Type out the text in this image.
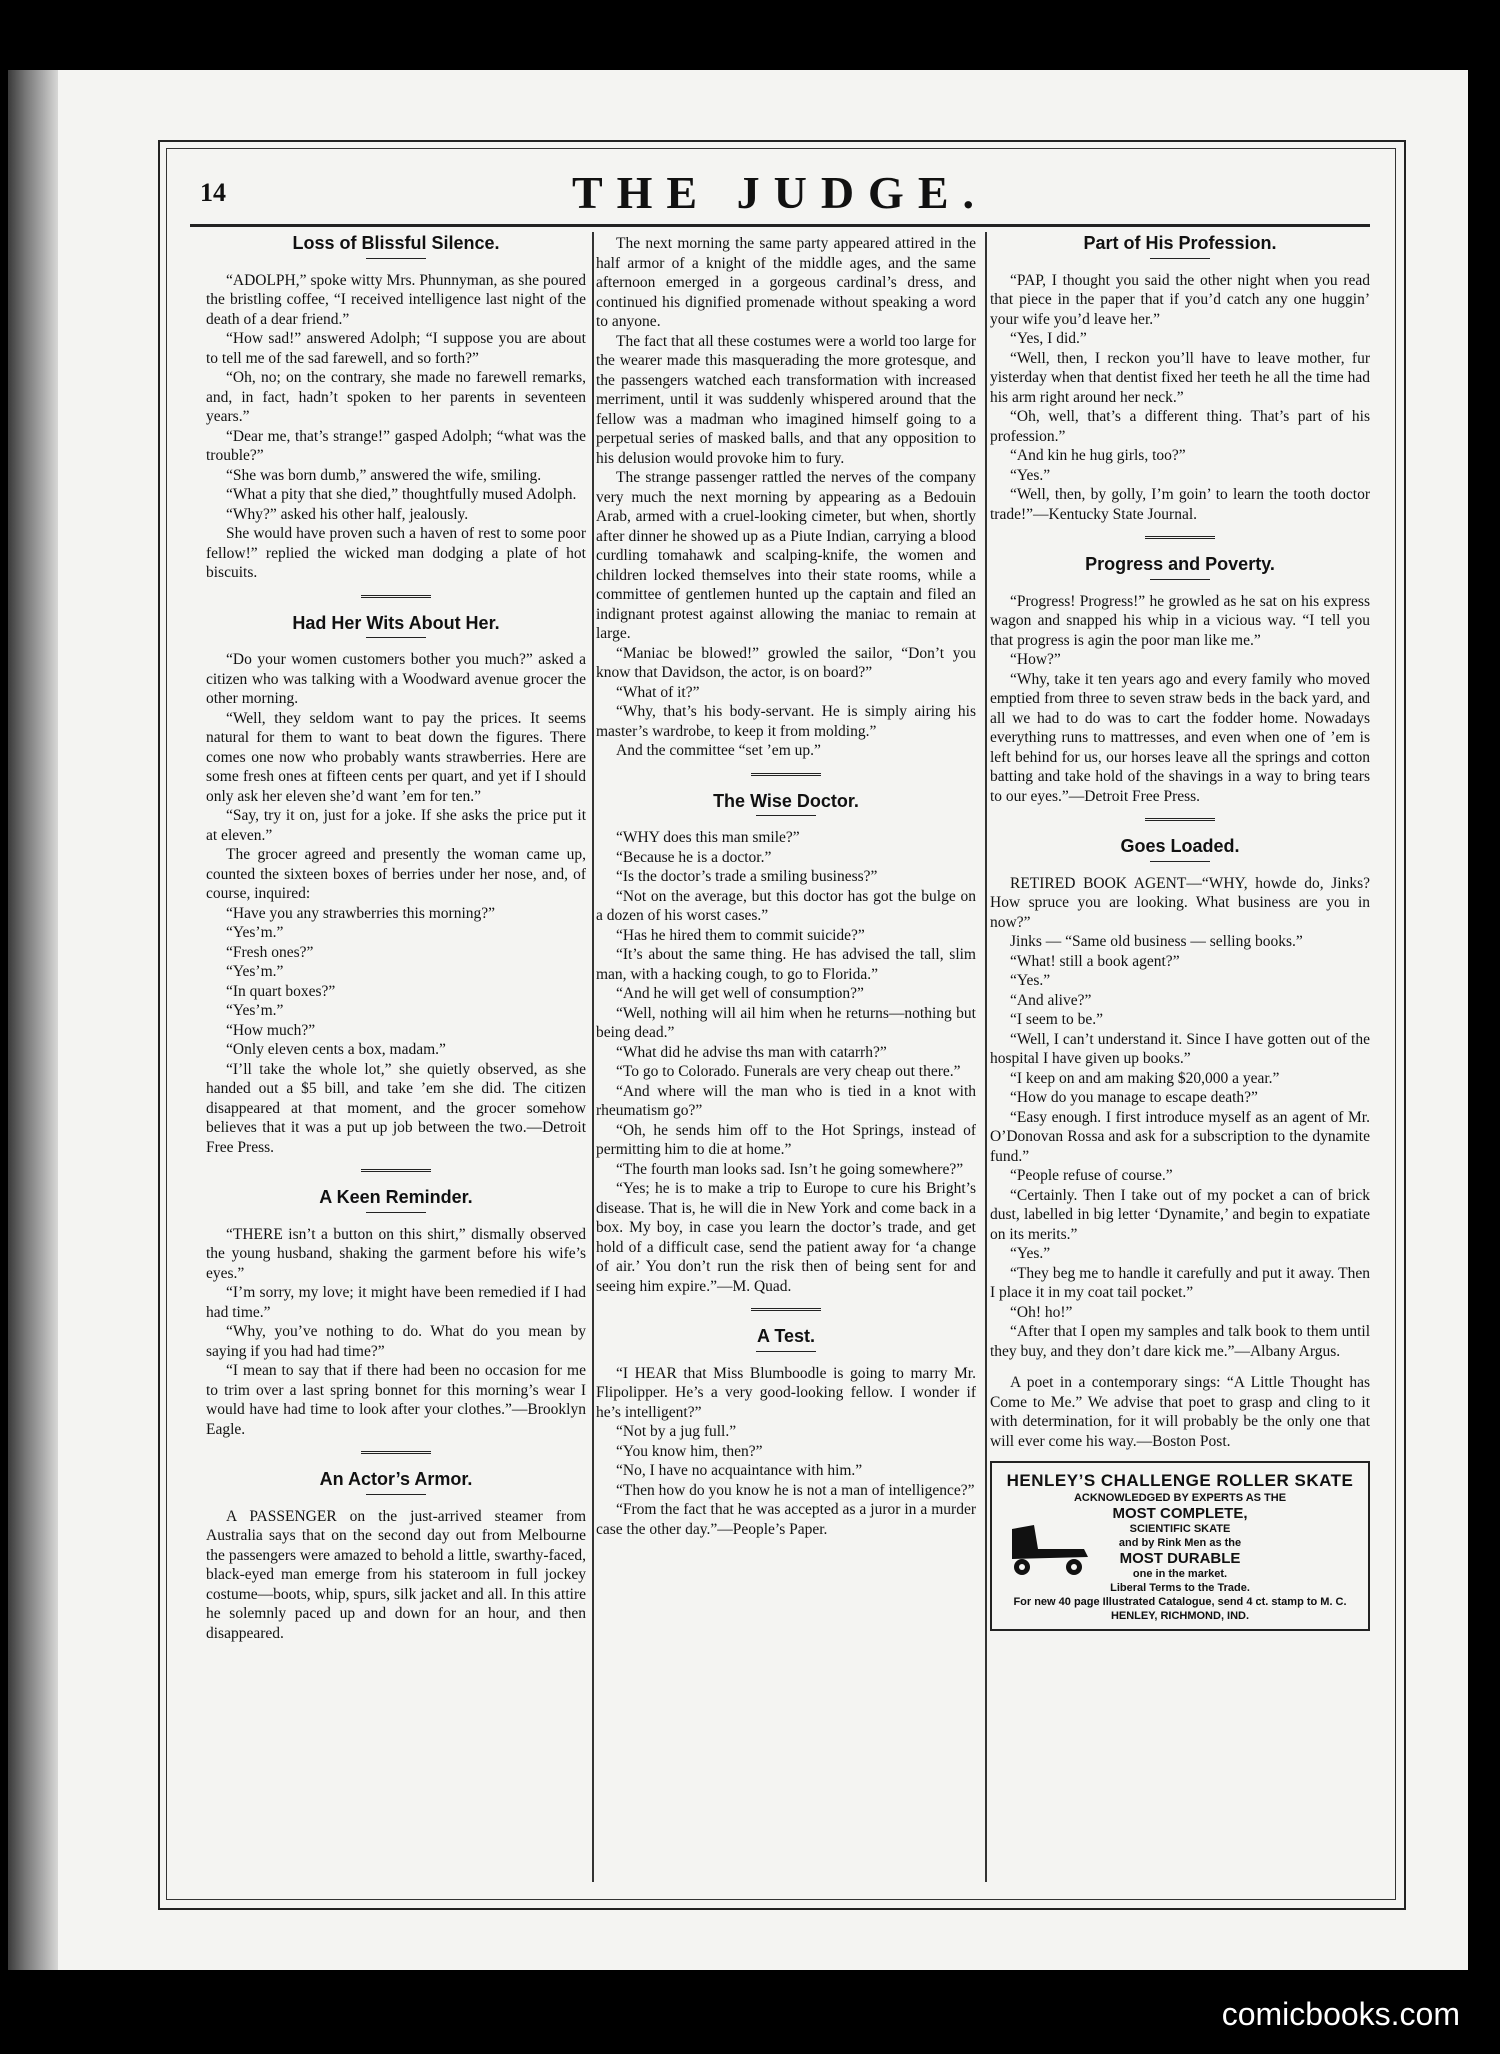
14	THE JUDGE.
Loss of Blissful Silence.

“ADOLPH,” spoke witty Mrs. Phunnyman, as she poured the bristling coffee, “I received intelligence last night of the death of a dear friend.”

“How sad!” answered Adolph; “I suppose you are about to tell me of the sad farewell, and so forth?”

“Oh, no; on the contrary, she made no farewell remarks, and, in fact, hadn’t spoken to her parents in seventeen years.”

“Dear me, that’s strange!” gasped Adolph; “what was the trouble?”

“She was born dumb,” answered the wife, smiling.

“What a pity that she died,” thoughtfully mused Adolph.

“Why?” asked his other half, jealously.

She would have proven such a haven of rest to some poor fellow!” replied the wicked man dodging a plate of hot biscuits.

Had Her Wits About Her.

“Do your women customers bother you much?” asked a citizen who was talking with a Woodward avenue grocer the other morning.

“Well, they seldom want to pay the prices. It seems natural for them to want to beat down the figures. There comes one now who probably wants strawberries. Here are some fresh ones at fifteen cents per quart, and yet if I should only ask her eleven she’d want ’em for ten.”

“Say, try it on, just for a joke. If she asks the price put it at eleven.”

The grocer agreed and presently the woman came up, counted the sixteen boxes of berries under her nose, and, of course, inquired:

“Have you any strawberries this morning?”

“Yes’m.”

“Fresh ones?”

“Yes’m.”

“In quart boxes?”

“Yes’m.”

“How much?”

“Only eleven cents a box, madam.”

“I’ll take the whole lot,” she quietly observed, as she handed out a $5 bill, and take ’em she did. The citizen disappeared at that moment, and the grocer somehow believes that it was a put up job between the two.—Detroit Free Press.

A Keen Reminder.

“THERE isn’t a button on this shirt,” dismally observed the young husband, shaking the garment before his wife’s eyes.”

“I’m sorry, my love; it might have been remedied if I had had time.”

“Why, you’ve nothing to do. What do you mean by saying if you had had time?”

“I mean to say that if there had been no occasion for me to trim over a last spring bonnet for this morning’s wear I would have had time to look after your clothes.”—Brooklyn Eagle.

An Actor’s Armor.

A PASSENGER on the just-arrived steamer from Australia says that on the second day out from Melbourne the passengers were amazed to behold a little, swarthy-faced, black-eyed man emerge from his stateroom in full jockey costume—boots, whip, spurs, silk jacket and all. In this attire he solemnly paced up and down for an hour, and then disappeared.

The next morning the same party appeared attired in the half armor of a knight of the middle ages, and the same afternoon emerged in a gorgeous cardinal’s dress, and continued his dignified promenade without speaking a word to anyone.

The fact that all these costumes were a world too large for the wearer made this masquerading the more grotesque, and the passengers watched each transformation with increased merriment, until it was suddenly whispered around that the fellow was a madman who imagined himself going to a perpetual series of masked balls, and that any opposition to his delusion would provoke him to fury.

The strange passenger rattled the nerves of the company very much the next morning by appearing as a Bedouin Arab, armed with a cruel-looking cimeter, but when, shortly after dinner he showed up as a Piute Indian, carrying a blood curdling tomahawk and scalping-knife, the women and children locked themselves into their state rooms, while a committee of gentlemen hunted up the captain and filed an indignant protest against allowing the maniac to remain at large.

“Maniac be blowed!” growled the sailor, “Don’t you know that Davidson, the actor, is on board?”

“What of it?”

“Why, that’s his body-servant. He is simply airing his master’s wardrobe, to keep it from molding.”

And the committee “set ’em up.”

The Wise Doctor.

“WHY does this man smile?”

“Because he is a doctor.”

“Is the doctor’s trade a smiling business?”

“Not on the average, but this doctor has got the bulge on a dozen of his worst cases.”

“Has he hired them to commit suicide?”

“It’s about the same thing. He has advised the tall, slim man, with a hacking cough, to go to Florida.”

“And he will get well of consumption?”

“Well, nothing will ail him when he returns—nothing but being dead.”

“What did he advise ths man with catarrh?”

“To go to Colorado. Funerals are very cheap out there.”

“And where will the man who is tied in a knot with rheumatism go?”

“Oh, he sends him off to the Hot Springs, instead of permitting him to die at home.”

“The fourth man looks sad. Isn’t he going somewhere?”

“Yes; he is to make a trip to Europe to cure his Bright’s disease. That is, he will die in New York and come back in a box. My boy, in case you learn the doctor’s trade, and get hold of a difficult case, send the patient away for ‘a change of air.’ You don’t run the risk then of being sent for and seeing him expire.”—M. Quad.

A Test.

“I HEAR that Miss Blumboodle is going to marry Mr. Flipolipper. He’s a very good-looking fellow. I wonder if he’s intelligent?”

“Not by a jug full.”

“You know him, then?”

“No, I have no acquaintance with him.”

“Then how do you know he is not a man of intelligence?”

“From the fact that he was accepted as a juror in a murder case the other day.”—People’s Paper.

Part of His Profession.

“PAP, I thought you said the other night when you read that piece in the paper that if you’d catch any one huggin’ your wife you’d leave her.”

“Yes, I did.”

“Well, then, I reckon you’ll have to leave mother, fur yisterday when that dentist fixed her teeth he all the time had his arm right around her neck.”

“Oh, well, that’s a different thing. That’s part of his profession.”

“And kin he hug girls, too?”

“Yes.”

“Well, then, by golly, I’m goin’ to learn the tooth doctor trade!”—Kentucky State Journal.

Progress and Poverty.

“Progress! Progress!” he growled as he sat on his express wagon and snapped his whip in a vicious way. “I tell you that progress is agin the poor man like me.”

“How?”

“Why, take it ten years ago and every family who moved emptied from three to seven straw beds in the back yard, and all we had to do was to cart the fodder home. Nowadays everything runs to mattresses, and even when one of ’em is left behind for us, our horses leave all the springs and cotton batting and take hold of the shavings in a way to bring tears to our eyes.”—Detroit Free Press.

Goes Loaded.

RETIRED BOOK AGENT—“WHY, howde do, Jinks? How spruce you are looking. What business are you in now?”

Jinks — “Same old business — selling books.”

“What! still a book agent?”

“Yes.”

“And alive?”

“I seem to be.”

“Well, I can’t understand it. Since I have gotten out of the hospital I have given up books.”

“I keep on and am making $20,000 a year.”

“How do you manage to escape death?”

“Easy enough. I first introduce myself as an agent of Mr. O’Donovan Rossa and ask for a subscription to the dynamite fund.”

“People refuse of course.”

“Certainly. Then I take out of my pocket a can of brick dust, labelled in big letter ‘Dynamite,’ and begin to expatiate on its merits.”

“Yes.”

“They beg me to handle it carefully and put it away. Then I place it in my coat tail pocket.”

“Oh! ho!”

“After that I open my samples and talk book to them until they buy, and they don’t dare kick me.”—Albany Argus.

A poet in a contemporary sings: “A Little Thought has Come to Me.” We advise that poet to grasp and cling to it with determination, for it will probably be the only one that will ever come his way.—Boston Post.

HENLEY’S CHALLENGE ROLLER SKATE
ACKNOWLEDGED BY EXPERTS AS THE
MOST COMPLETE,
SCIENTIFIC SKATE
and by Rink Men as the
MOST DURABLE
one in the market.
Liberal Terms to the Trade.
For new 40 page Illustrated Catalogue, send 4 ct. stamp to M. C. HENLEY, RICHMOND, IND.
comicbooks.com
